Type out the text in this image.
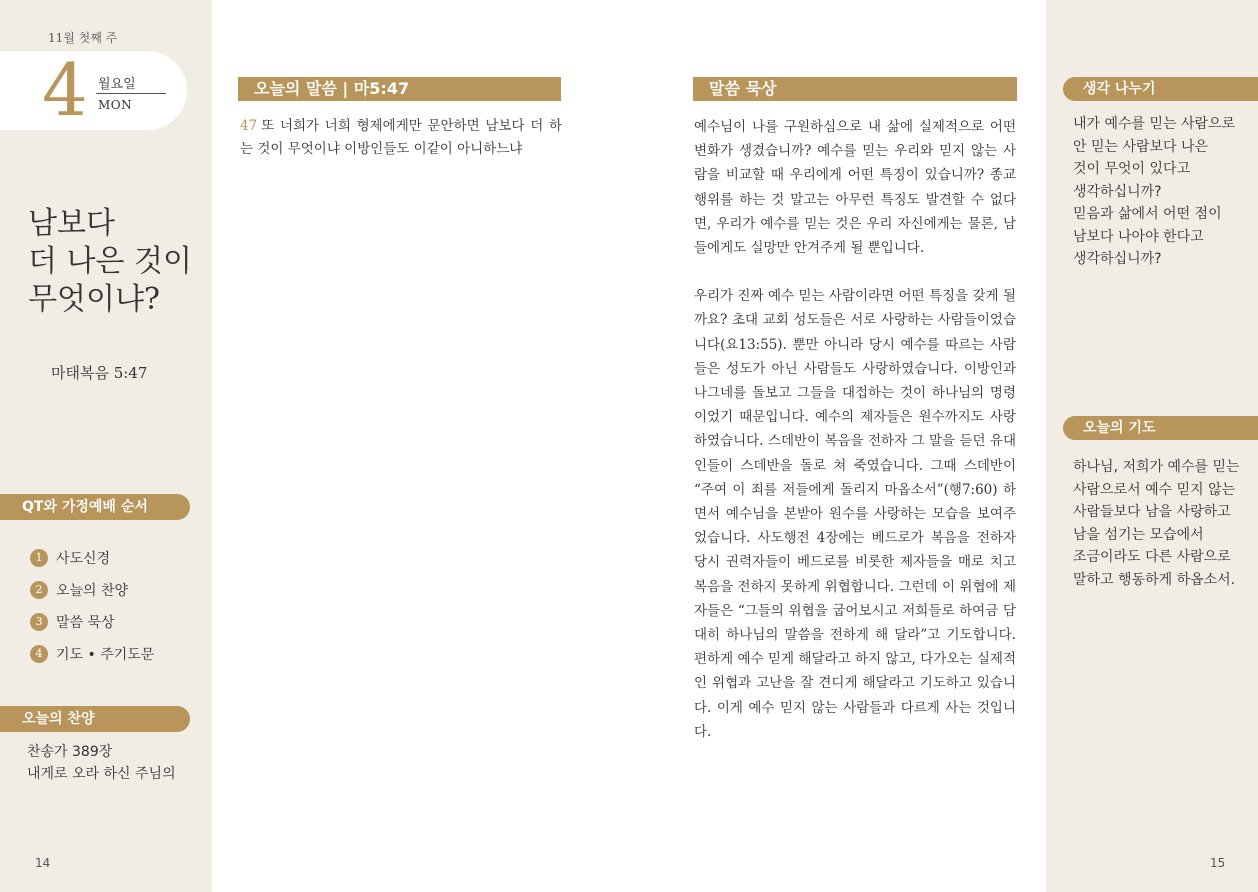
11월 첫째 주
4 월요일
MON
남보다
더 나은 것이
무엇이냐?
마태복음 5:47
QT와 가정예배 순서
1 사도신경
2 오늘의 찬양
3 말씀 묵상
4 기도 • 주기도문
오늘의 찬양
찬송가 389장
내게로 오라 하신 주님의
14
오늘의 말씀 | 마5:47
47 또 너희가 너희 형제에게만 문안하면 남보다 더 하는 것이 무엇이냐 이방인들도 이같이 아니하느냐
말씀 묵상

예수님이 나를 구원하심으로 내 삶에 실제적으로 어떤 변화가 생겼습니까? 예수를 믿는 우리와 믿지 않는 사람을 비교할 때 우리에게 어떤 특징이 있습니까? 종교행위를 하는 것 말고는 아무런 특징도 발견할 수 없다면, 우리가 예수를 믿는 것은 우리 자신에게는 물론, 남들에게도 실망만 안겨주게 될 뿐입니다.

우리가 진짜 예수 믿는 사람이라면 어떤 특징을 갖게 될까요? 초대 교회 성도들은 서로 사랑하는 사람들이었습니다(요13:55). 뿐만 아니라 당시 예수를 따르는 사람들은 성도가 아닌 사람들도 사랑하였습니다. 이방인과 나그네를 돌보고 그들을 대접하는 것이 하나님의 명령이었기 때문입니다. 예수의 제자들은 원수까지도 사랑하였습니다. 스데반이 복음을 전하자 그 말을 듣던 유대인들이 스데반을 돌로 쳐 죽였습니다. 그때 스데반이 “주여 이 죄를 저들에게 돌리지 마옵소서”(행7:60) 하면서 예수님을 본받아 원수를 사랑하는 모습을 보여주었습니다. 사도행전 4장에는 베드로가 복음을 전하자 당시 권력자들이 베드로를 비롯한 제자들을 매로 치고 복음을 전하지 못하게 위협합니다. 그런데 이 위협에 제자들은 “그들의 위협을 굽어보시고 저희들로 하여금 담대히 하나님의 말씀을 전하게 해 달라”고 기도합니다. 편하게 예수 믿게 해달라고 하지 않고, 다가오는 실제적인 위협과 고난을 잘 견디게 해달라고 기도하고 있습니다. 이게 예수 믿지 않는 사람들과 다르게 사는 것입니다.

생각 나누기
내가 예수를 믿는 사람으로
안 믿는 사람보다 나은
것이 무엇이 있다고
생각하십니까?
믿음과 삶에서 어떤 점이
남보다 나아야 한다고
생각하십니까?
오늘의 기도
하나님, 저희가 예수를 믿는
사람으로서 예수 믿지 않는
사람들보다 남을 사랑하고
남을 섬기는 모습에서
조금이라도 다른 사람으로
말하고 행동하게 하옵소서.
15
